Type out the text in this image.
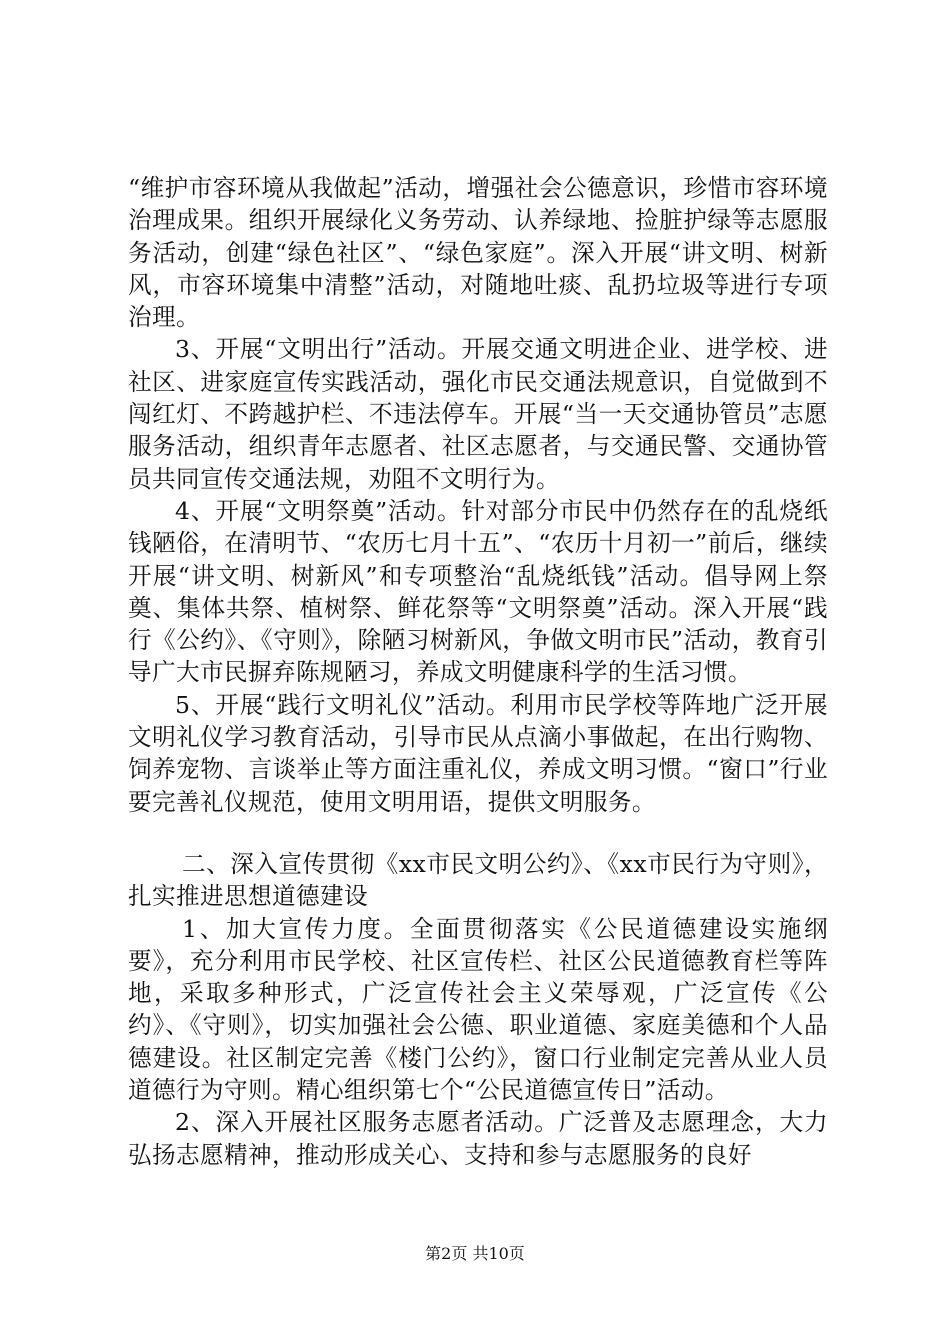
“维护市容环境从我做起”活动，增强社会公德意识，珍惜市容环境治理成果。组织开展绿化义务劳动、认养绿地、捡脏护绿等志愿服务活动，创建“绿色社区”、“绿色家庭”。深入开展“讲文明、树新风，市容环境集中清整”活动，对随地吐痰、乱扔垃圾等进行专项治理。

3、开展“文明出行”活动。开展交通文明进企业、进学校、进社区、进家庭宣传实践活动，强化市民交通法规意识，自觉做到不闯红灯、不跨越护栏、不违法停车。开展“当一天交通协管员”志愿服务活动，组织青年志愿者、社区志愿者，与交通民警、交通协管员共同宣传交通法规，劝阻不文明行为。

4、开展“文明祭奠”活动。针对部分市民中仍然存在的乱烧纸钱陋俗，在清明节、“农历七月十五”、“农历十月初一”前后，继续开展“讲文明、树新风”和专项整治“乱烧纸钱”活动。倡导网上祭奠、集体共祭、植树祭、鲜花祭等“文明祭奠”活动。深入开展“践行《公约》、《守则》，除陋习树新风，争做文明市民”活动，教育引导广大市民摒弃陈规陋习，养成文明健康科学的生活习惯。

5、开展“践行文明礼仪”活动。利用市民学校等阵地广泛开展文明礼仪学习教育活动，引导市民从点滴小事做起，在出行购物、饲养宠物、言谈举止等方面注重礼仪，养成文明习惯。“窗口”行业要完善礼仪规范，使用文明用语，提供文明服务。

二、深入宣传贯彻《xx市民文明公约》、《xx市民行为守则》，扎实推进思想道德建设

1、加大宣传力度。全面贯彻落实《公民道德建设实施纲要》，充分利用市民学校、社区宣传栏、社区公民道德教育栏等阵地，采取多种形式，广泛宣传社会主义荣辱观，广泛宣传《公约》、《守则》，切实加强社会公德、职业道德、家庭美德和个人品德建设。社区制定完善《楼门公约》，窗口行业制定完善从业人员道德行为守则。精心组织第七个“公民道德宣传日”活动。

2、深入开展社区服务志愿者活动。广泛普及志愿理念，大力弘扬志愿精神，推动形成关心、支持和参与志愿服务的良好

第2页 共10页
